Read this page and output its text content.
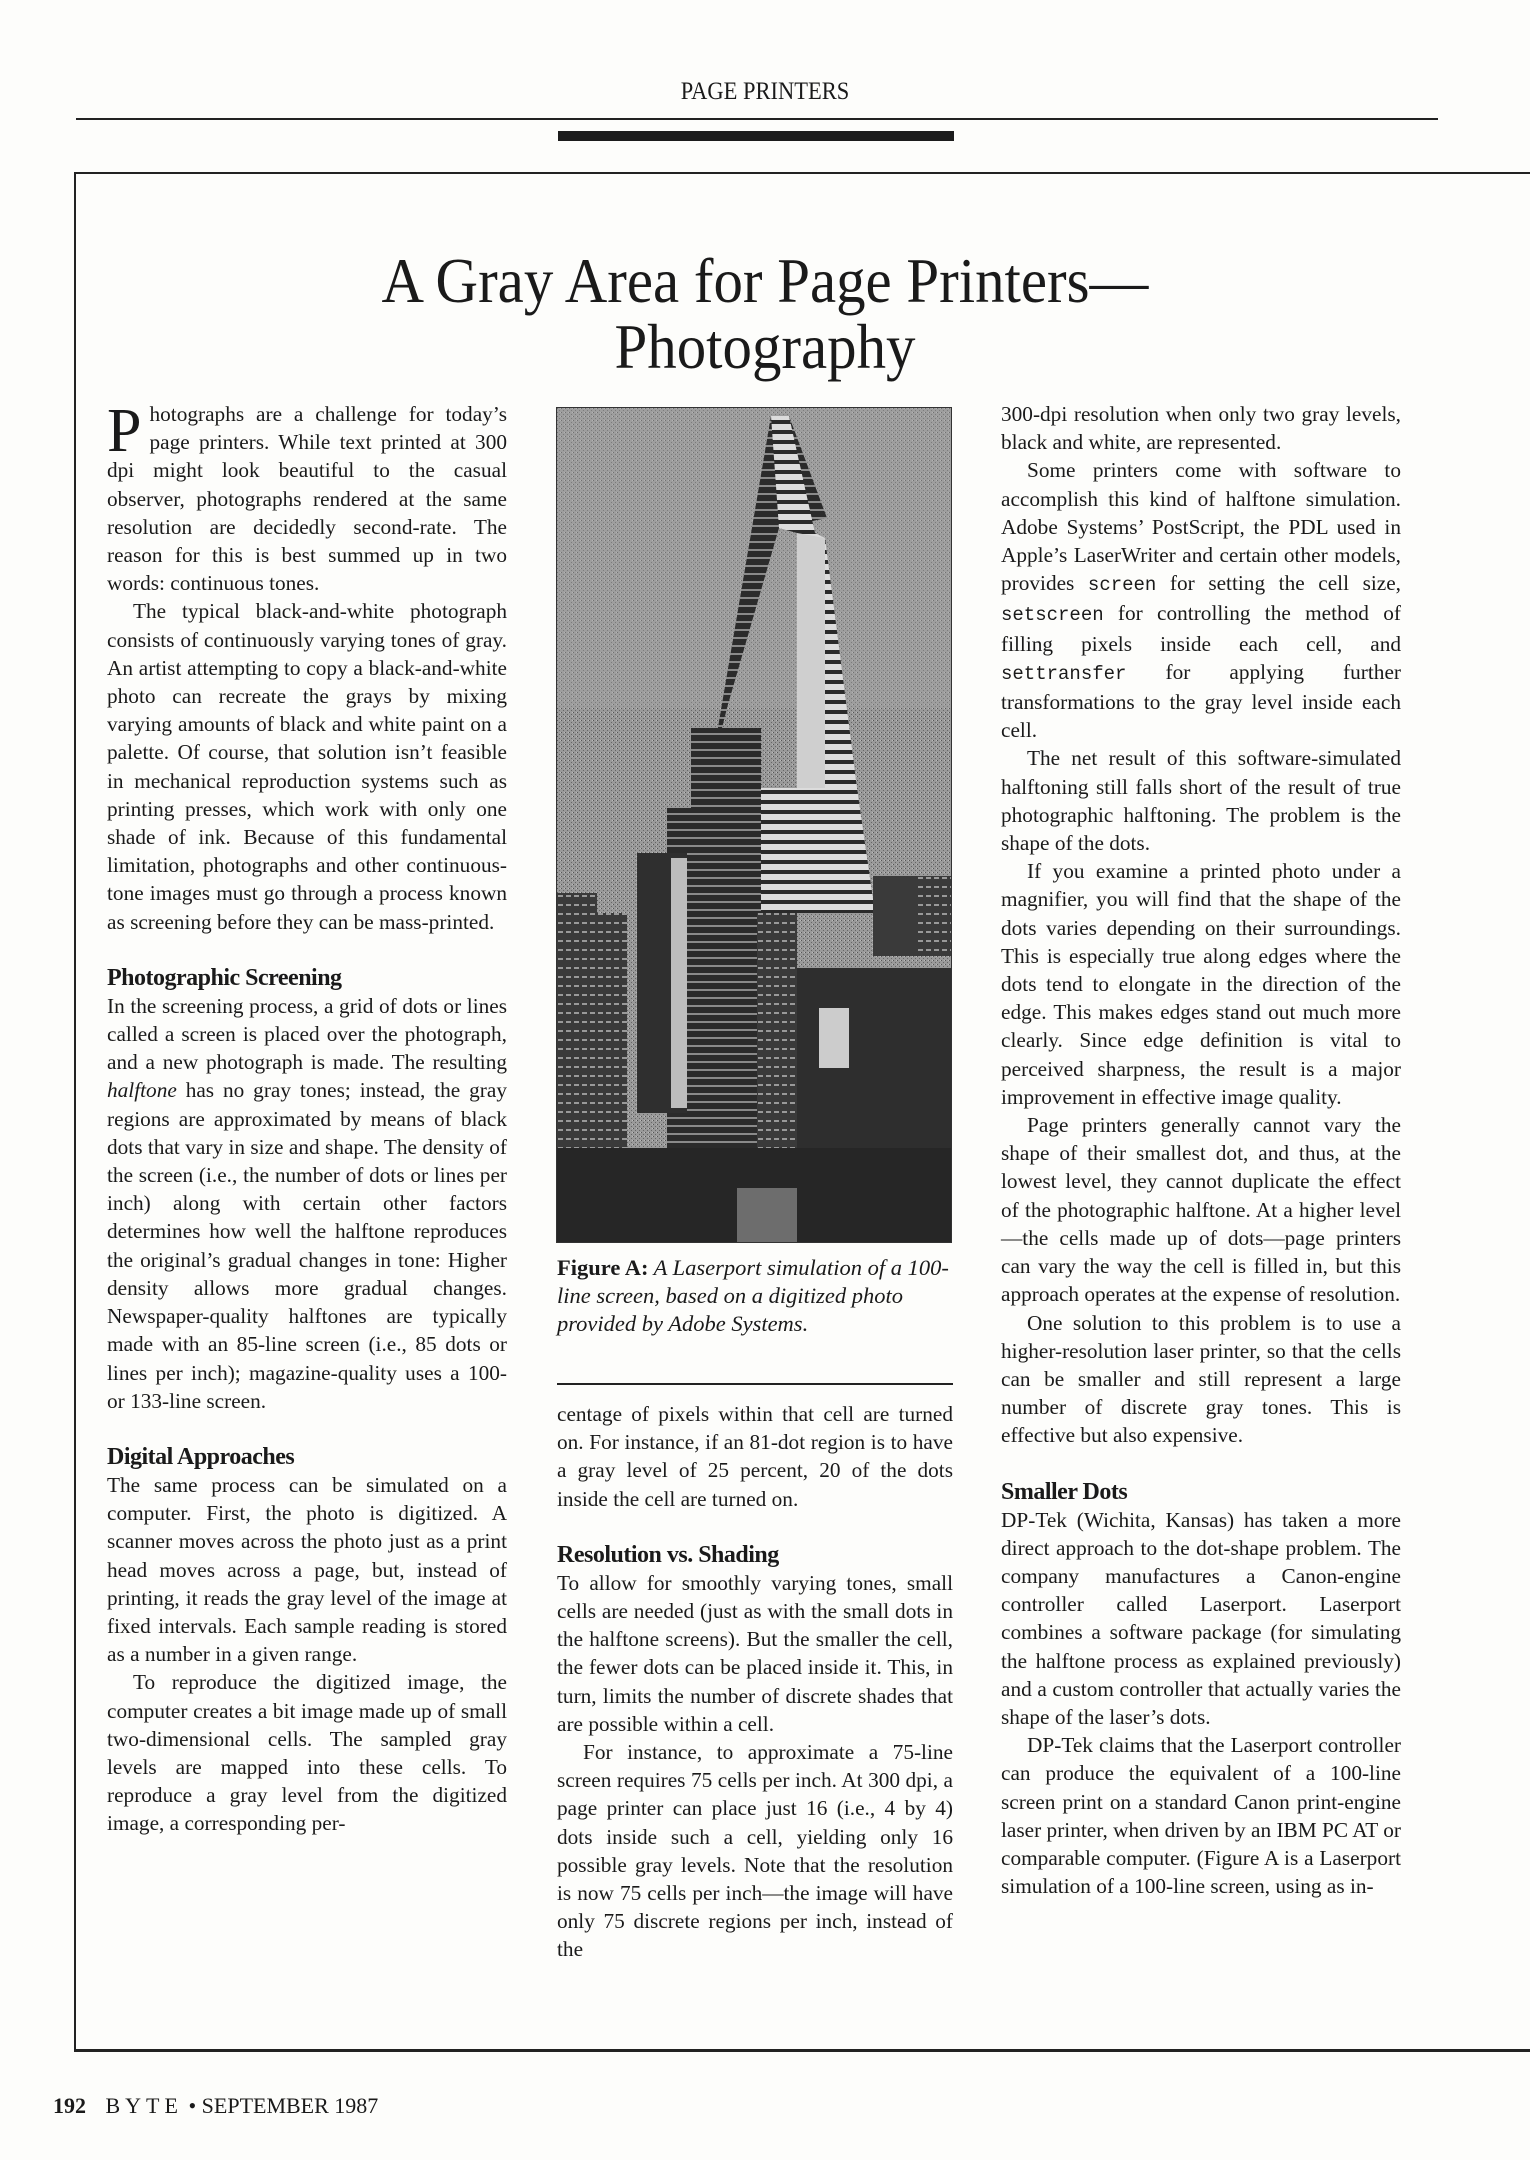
PAGE PRINTERS
A Gray Area for Page Printers—
Photography

Photographs are a challenge for today’s page printers. While text printed at 300 dpi might look beautiful to the casual observer, photographs rendered at the same resolution are decidedly second-rate. The reason for this is best summed up in two words: continuous tones.

The typical black-and-white photograph consists of continuously varying tones of gray. An artist attempting to copy a black-and-white photo can recreate the grays by mixing varying amounts of black and white paint on a palette. Of course, that solution isn’t feasible in mechanical reproduction systems such as printing presses, which work with only one shade of ink. Because of this fundamental limitation, photographs and other continuous-tone images must go through a process known as screening before they can be mass-printed.

Photographic Screening

In the screening process, a grid of dots or lines called a screen is placed over the photograph, and a new photograph is made. The resulting halftone has no gray tones; instead, the gray regions are approximated by means of black dots that vary in size and shape. The density of the screen (i.e., the number of dots or lines per inch) along with certain other factors determines how well the halftone reproduces the original’s gradual changes in tone: Higher density allows more gradual changes. Newspaper-quality halftones are typically made with an 85-line screen (i.e., 85 dots or lines per inch); magazine-quality uses a 100- or 133-line screen.

Digital Approaches

The same process can be simulated on a computer. First, the photo is digitized. A scanner moves across the photo just as a print head moves across a page, but, instead of printing, it reads the gray level of the image at fixed intervals. Each sample reading is stored as a number in a given range.

To reproduce the digitized image, the computer creates a bit image made up of small two-dimensional cells. The sampled gray levels are mapped into these cells. To reproduce a gray level from the digitized image, a corresponding per-

Figure A: A Laserport simulation of a 100-line screen, based on a digitized photo provided by Adobe Systems.

centage of pixels within that cell are turned on. For instance, if an 81-dot region is to have a gray level of 25 percent, 20 of the dots inside the cell are turned on.

Resolution vs. Shading

To allow for smoothly varying tones, small cells are needed (just as with the small dots in the halftone screens). But the smaller the cell, the fewer dots can be placed inside it. This, in turn, limits the number of discrete shades that are possible within a cell.

For instance, to approximate a 75-line screen requires 75 cells per inch. At 300 dpi, a page printer can place just 16 (i.e., 4 by 4) dots inside such a cell, yielding only 16 possible gray levels. Note that the resolution is now 75 cells per inch—the image will have only 75 discrete regions per inch, instead of the

300-dpi resolution when only two gray levels, black and white, are represented.

Some printers come with software to accomplish this kind of halftone simulation. Adobe Systems’ PostScript, the PDL used in Apple’s LaserWriter and certain other models, provides screen for setting the cell size, setscreen for controlling the method of filling pixels inside each cell, and settransfer for applying further transformations to the gray level inside each cell.

The net result of this software-simulated halftoning still falls short of the result of true photographic halftoning. The problem is the shape of the dots.

If you examine a printed photo under a magnifier, you will find that the shape of the dots varies depending on their surroundings. This is especially true along edges where the dots tend to elongate in the direction of the edge. This makes edges stand out much more clearly. Since edge definition is vital to perceived sharpness, the result is a major improvement in effective image quality.

Page printers generally cannot vary the shape of their smallest dot, and thus, at the lowest level, they cannot duplicate the effect of the photographic halftone. At a higher level—the cells made up of dots—page printers can vary the way the cell is filled in, but this approach operates at the expense of resolution.

One solution to this problem is to use a higher-resolution laser printer, so that the cells can be smaller and still represent a large number of discrete gray tones. This is effective but also expensive.

Smaller Dots

DP-Tek (Wichita, Kansas) has taken a more direct approach to the dot-shape problem. The company manufactures a Canon-engine controller called Laserport. Laserport combines a software package (for simulating the halftone process as explained previously) and a custom controller that actually varies the shape of the laser’s dots.

DP-Tek claims that the Laserport controller can produce the equivalent of a 100-line screen print on a standard Canon print-engine laser printer, when driven by an IBM PC AT or comparable computer. (Figure A is a Laserport simulation of a 100-line screen, using as in-

192 BYTE • SEPTEMBER 1987
